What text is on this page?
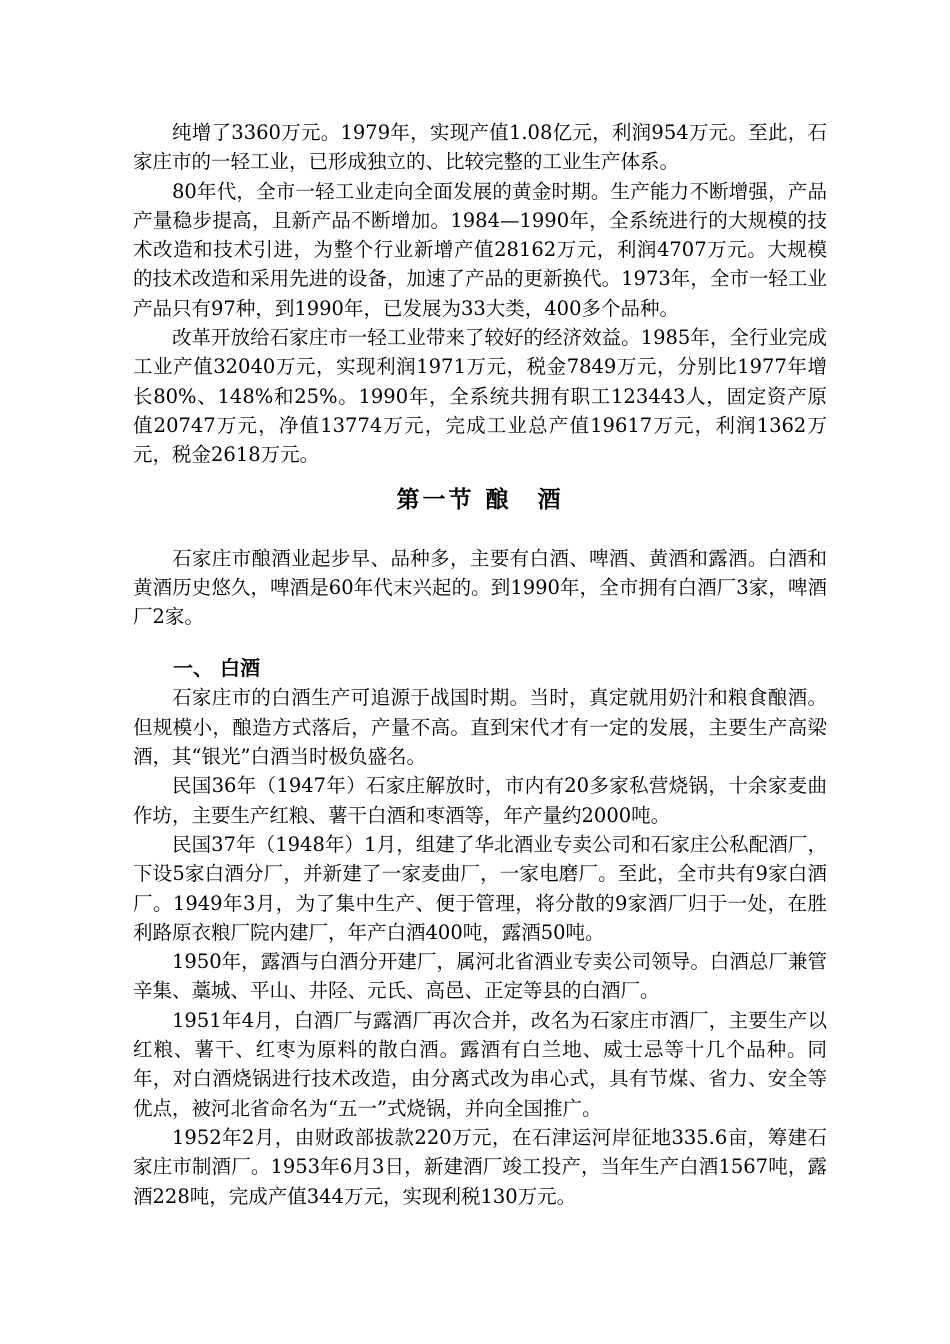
纯增了3360万元。1979年，实现产值1.08亿元，利润954万元。至此，石家庄市的一轻工业，已形成独立的、比较完整的工业生产体系。

80年代，全市一轻工业走向全面发展的黄金时期。生产能力不断增强，产品产量稳步提高，且新产品不断增加。1984—1990年，全系统进行的大规模的技术改造和技术引进，为整个行业新增产值28162万元，利润4707万元。大规模的技术改造和采用先进的设备，加速了产品的更新换代。1973年，全市一轻工业产品只有97种，到1990年，已发展为33大类，400多个品种。

改革开放给石家庄市一轻工业带来了较好的经济效益。1985年，全行业完成工业产值32040万元，实现利润1971万元，税金7849万元，分别比1977年增长80%、148%和25%。1990年，全系统共拥有职工123443人，固定资产原值20747万元，净值13774万元，完成工业总产值19617万元，利润1362万元，税金2618万元。

第一节 酿　酒

石家庄市酿酒业起步早、品种多，主要有白酒、啤酒、黄酒和露酒。白酒和黄酒历史悠久，啤酒是60年代末兴起的。到1990年，全市拥有白酒厂3家，啤酒厂2家。

一、 白酒

石家庄市的白酒生产可追源于战国时期。当时，真定就用奶汁和粮食酿酒。但规模小，酿造方式落后，产量不高。直到宋代才有一定的发展，主要生产高梁酒，其“银光”白酒当时极负盛名。

民国36年（1947年）石家庄解放时，市内有20多家私营烧锅，十余家麦曲作坊，主要生产红粮、薯干白酒和枣酒等，年产量约2000吨。

民国37年（1948年）1月，组建了华北酒业专卖公司和石家庄公私配酒厂，下设5家白酒分厂，并新建了一家麦曲厂，一家电磨厂。至此，全市共有9家白酒厂。1949年3月，为了集中生产、便于管理，将分散的9家酒厂归于一处，在胜利路原衣粮厂院内建厂，年产白酒400吨，露酒50吨。

1950年，露酒与白酒分开建厂，属河北省酒业专卖公司领导。白酒总厂兼管辛集、藁城、平山、井陉、元氏、高邑、正定等县的白酒厂。

1951年4月，白酒厂与露酒厂再次合并，改名为石家庄市酒厂，主要生产以红粮、薯干、红枣为原料的散白酒。露酒有白兰地、威士忌等十几个品种。同年，对白酒烧锅进行技术改造，由分离式改为串心式，具有节煤、省力、安全等优点，被河北省命名为“五一”式烧锅，并向全国推广。

1952年2月，由财政部拔款220万元，在石津运河岸征地335.6亩，筹建石家庄市制酒厂。1953年6月3日，新建酒厂竣工投产，当年生产白酒1567吨，露酒228吨，完成产值344万元，实现利税130万元。
